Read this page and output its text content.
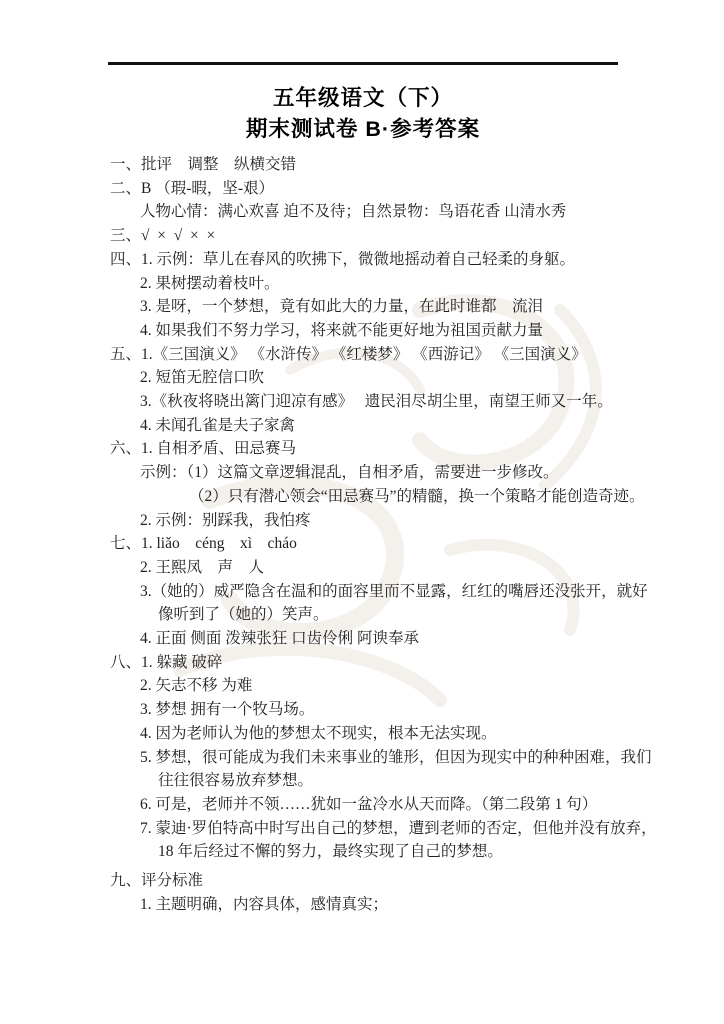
五年级语文（下）
期末测试卷 B·参考答案
一、批评　调整　纵横交错
二、B （瑕-暇，坚-艰）
人物心情：满心欢喜 迫不及待；自然景物：鸟语花香 山清水秀
三、√  ×  √  ×  ×
四、1. 示例：草儿在春风的吹拂下，微微地摇动着自己轻柔的身躯。
2. 果树摆动着枝叶。
3. 是呀，一个梦想，竟有如此大的力量，在此时谁都　流泪
4. 如果我们不努力学习，将来就不能更好地为祖国贡献力量
五、1.《三国演义》 《水浒传》 《红楼梦》 《西游记》 《三国演义》
2. 短笛无腔信口吹
3.《秋夜将晓出篱门迎凉有感》　 遗民泪尽胡尘里，南望王师又一年。
4. 未闻孔雀是夫子家禽
六、1. 自相矛盾、田忌赛马
示例：（1）这篇文章逻辑混乱，自相矛盾，需要进一步修改。
（2）只有潜心领会“田忌赛马”的精髓，换一个策略才能创造奇迹。
2. 示例：别踩我，我怕疼
七、1. liǎo　céng　xì　cháo
2. 王熙凤　声　人
3.（她的）威严隐含在温和的面容里而不显露，红红的嘴唇还没张开，就好
像听到了（她的）笑声。
4. 正面 侧面 泼辣张狂 口齿伶俐 阿谀奉承
八、1. 躲藏 破碎
2. 矢志不移 为难
3. 梦想 拥有一个牧马场。
4. 因为老师认为他的梦想太不现实，根本无法实现。
5. 梦想，很可能成为我们未来事业的雏形，但因为现实中的种种困难，我们
往往很容易放弃梦想。
6. 可是，老师并不领……犹如一盆冷水从天而降。（第二段第 1 句）
7. 蒙迪·罗伯特高中时写出自己的梦想，遭到老师的否定，但他并没有放弃，
18 年后经过不懈的努力，最终实现了自己的梦想。
九、评分标准
1. 主题明确，内容具体，感情真实；
